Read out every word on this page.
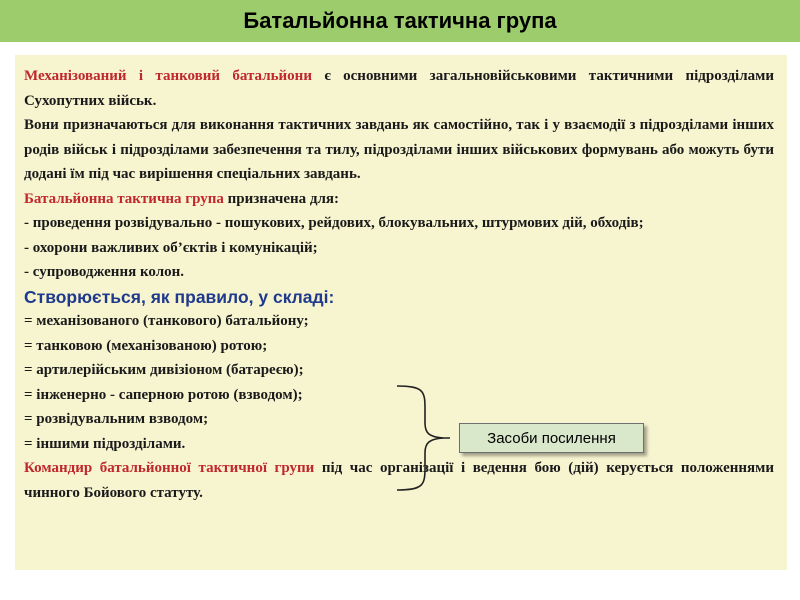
Батальйонна тактична група

Механізований і танковий батальйони є основними загальновійськовими тактичними підрозділами Сухопутних військ.

Вони призначаються для виконання тактичних завдань як самостійно, так і у взаємодії з підрозділами інших родів військ і підрозділами забезпечення та тилу, підрозділами інших військових формувань або можуть бути додані їм під час вирішення спеціальних завдань.

Батальйонна тактична група призначена для:

- проведення розвідувально - пошукових, рейдових, блокувальних, штурмових дій, обходів;

- охорони важливих об’єктів і комунікацій;

- супроводження колон.

Створюється, як правило, у складі:

= механізованого (танкового) батальйону;

= танковою (механізованою) ротою;

= артилерійським дивізіоном (батареєю);

= інженерно - саперною ротою (взводом);

= розвідувальним взводом;

= іншими підрозділами.

Командир батальйонної тактичної групи під час організації і ведення бою (дій) керується положеннями чинного Бойового статуту.

Засоби посилення
